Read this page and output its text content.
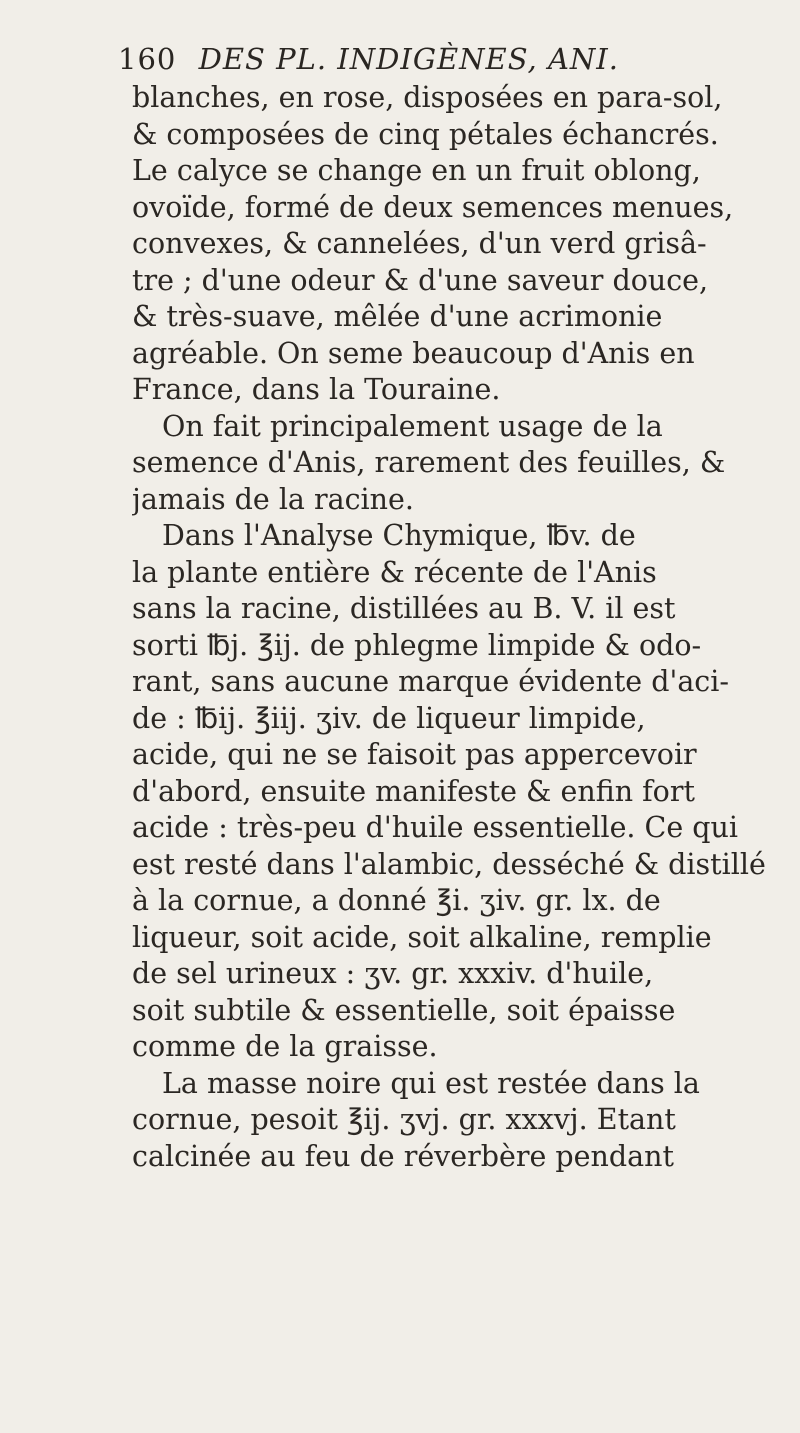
160 DES PL. INDIGÈNES, ANI.
blanches, en rose, disposées en para-sol,
& composées de cinq pétales échancrés.
Le calyce se change en un fruit oblong,
ovoïde, formé de deux semences menues,
convexes, & cannelées, d'un verd grisâ-
tre ; d'une odeur & d'une saveur douce,
& très-suave, mêlée d'une acrimonie
agréable. On seme beaucoup d'Anis en
France, dans la Touraine.
On fait principalement usage de la
semence d'Anis, rarement des feuilles, &
jamais de la racine.
Dans l'Analyse Chymique, ℔v. de
la plante entière & récente de l'Anis
sans la racine, distillées au B. V. il est
sorti ℔j. ℥ij. de phlegme limpide & odo-
rant, sans aucune marque évidente d'aci-
de : ℔ij. ℥iij. ʒiv. de liqueur limpide,
acide, qui ne se faisoit pas appercevoir
d'abord, ensuite manifeste & enfin fort
acide : très-peu d'huile essentielle. Ce qui
est resté dans l'alambic, desséché & distillé
à la cornue, a donné ℥i. ʒiv. gr. lx. de
liqueur, soit acide, soit alkaline, remplie
de sel urineux : ʒv. gr. xxxiv. d'huile,
soit subtile & essentielle, soit épaisse
comme de la graisse.
La masse noire qui est restée dans la
cornue, pesoit ℥ij. ʒvj. gr. xxxvj. Etant
calcinée au feu de réverbère pendant
